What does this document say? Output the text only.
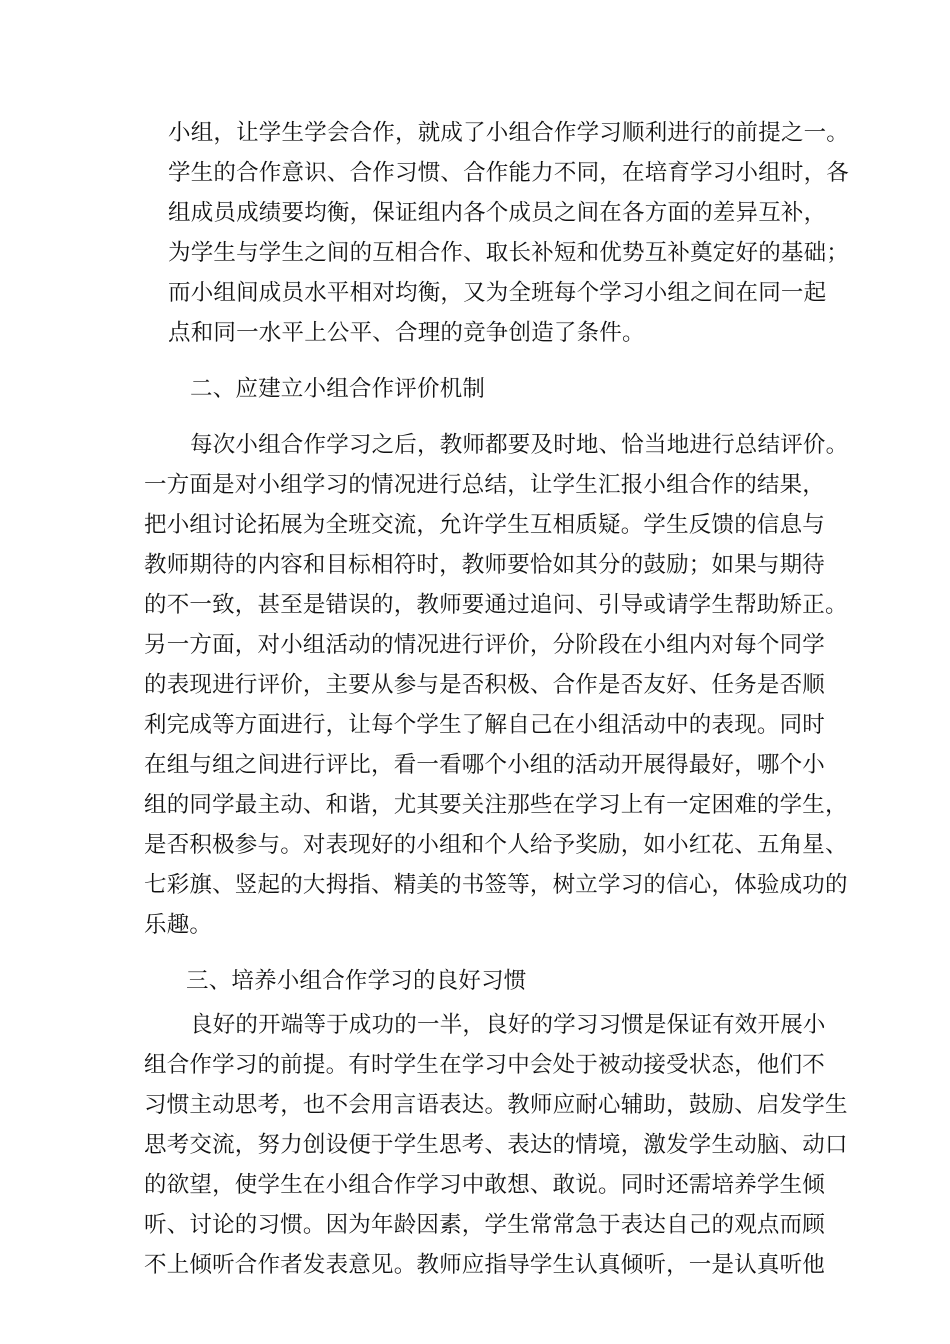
小组，让学生学会合作，就成了小组合作学习顺利进行的前提之一。
学生的合作意识、合作习惯、合作能力不同，在培育学习小组时，各
组成员成绩要均衡，保证组内各个成员之间在各方面的差异互补，
为学生与学生之间的互相合作、取长补短和优势互补奠定好的基础；
而小组间成员水平相对均衡，又为全班每个学习小组之间在同一起
点和同一水平上公平、合理的竞争创造了条件。
二、应建立小组合作评价机制
每次小组合作学习之后，教师都要及时地、恰当地进行总结评价。
一方面是对小组学习的情况进行总结，让学生汇报小组合作的结果，
把小组讨论拓展为全班交流，允许学生互相质疑。学生反馈的信息与
教师期待的内容和目标相符时，教师要恰如其分的鼓励；如果与期待
的不一致，甚至是错误的，教师要通过追问、引导或请学生帮助矫正。
另一方面，对小组活动的情况进行评价，分阶段在小组内对每个同学
的表现进行评价，主要从参与是否积极、合作是否友好、任务是否顺
利完成等方面进行，让每个学生了解自己在小组活动中的表现。同时
在组与组之间进行评比，看一看哪个小组的活动开展得最好，哪个小
组的同学最主动、和谐，尤其要关注那些在学习上有一定困难的学生，
是否积极参与。对表现好的小组和个人给予奖励，如小红花、五角星、
七彩旗、竖起的大拇指、精美的书签等，树立学习的信心，体验成功的
乐趣。
三、培养小组合作学习的良好习惯
良好的开端等于成功的一半，良好的学习习惯是保证有效开展小
组合作学习的前提。有时学生在学习中会处于被动接受状态，他们不
习惯主动思考，也不会用言语表达。教师应耐心辅助，鼓励、启发学生
思考交流，努力创设便于学生思考、表达的情境，激发学生动脑、动口
的欲望，使学生在小组合作学习中敢想、敢说。同时还需培养学生倾
听、讨论的习惯。因为年龄因素，学生常常急于表达自己的观点而顾
不上倾听合作者发表意见。教师应指导学生认真倾听，一是认真听他
